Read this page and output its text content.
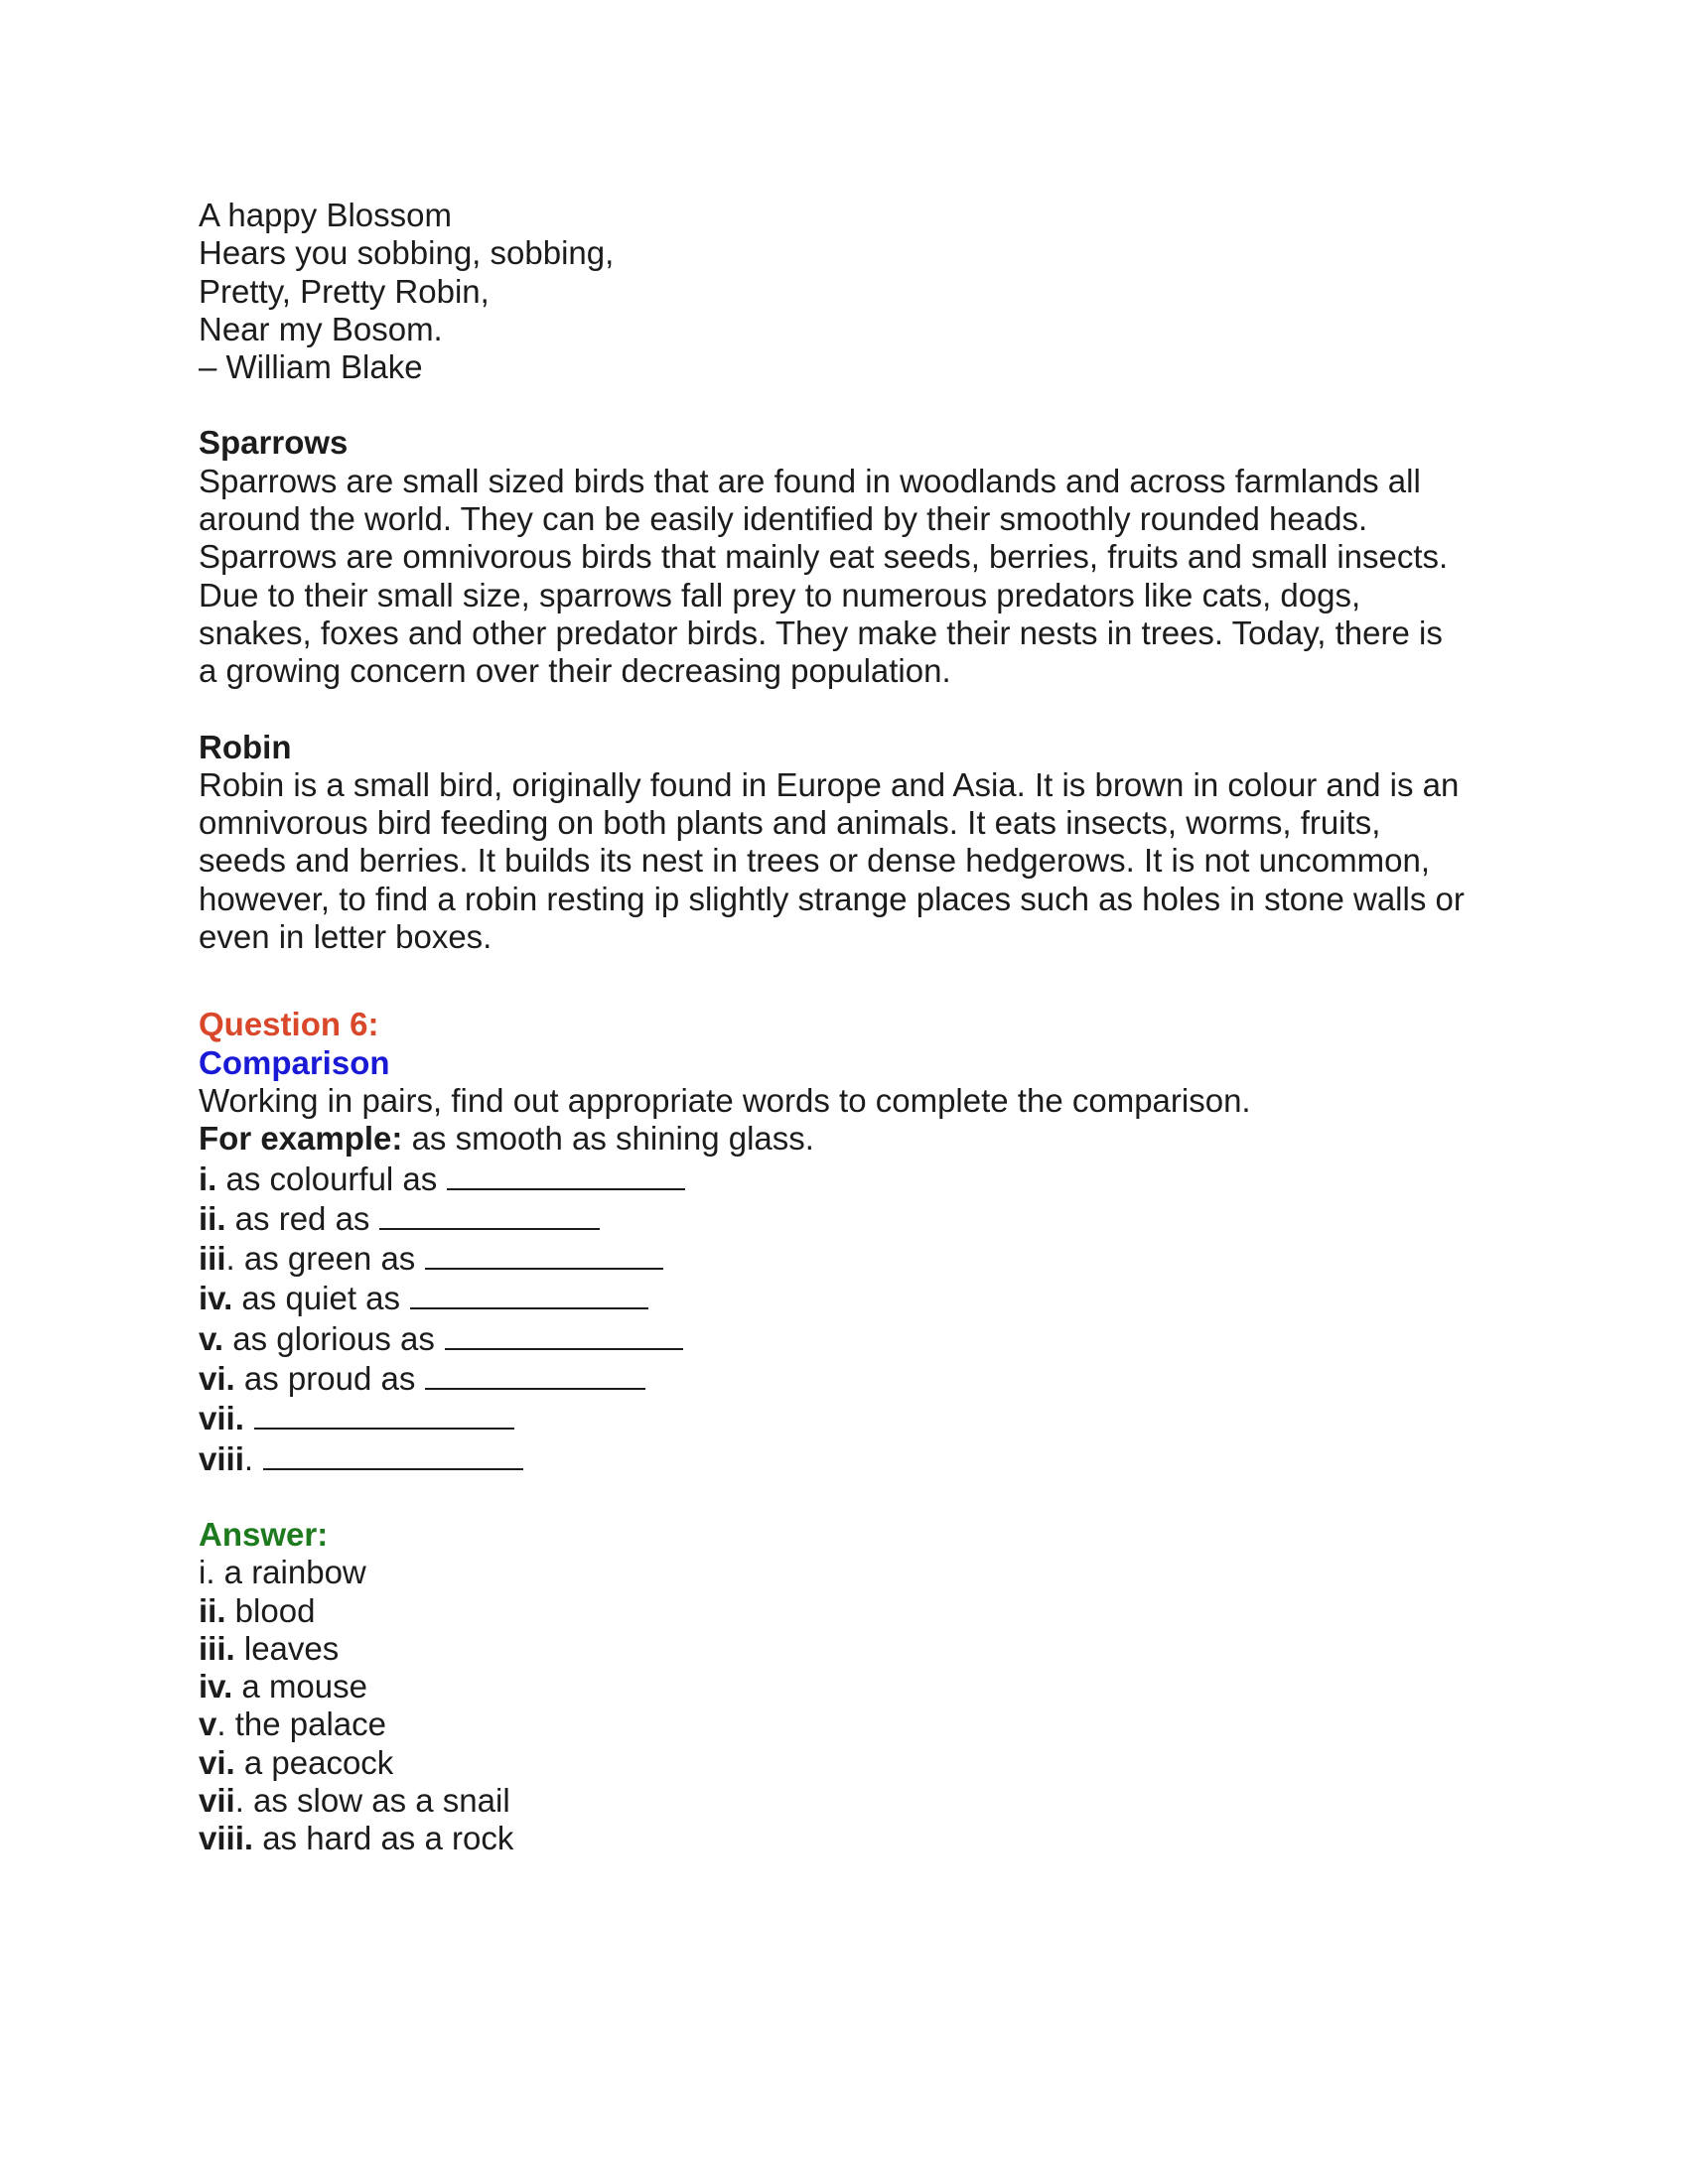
A happy Blossom
Hears you sobbing, sobbing,
Pretty, Pretty Robin,
Near my Bosom.
– William Blake
Sparrows
Sparrows are small sized birds that are found in woodlands and across farmlands all
around the world. They can be easily identified by their smoothly rounded heads.
Sparrows are omnivorous birds that mainly eat seeds, berries, fruits and small insects.
Due to their small size, sparrows fall prey to numerous predators like cats, dogs,
snakes, foxes and other predator birds. They make their nests in trees. Today, there is
a growing concern over their decreasing population.
Robin
Robin is a small bird, originally found in Europe and Asia. It is brown in colour and is an
omnivorous bird feeding on both plants and animals. It eats insects, worms, fruits,
seeds and berries. It builds its nest in trees or dense hedgerows. It is not uncommon,
however, to find a robin resting ip slightly strange places such as holes in stone walls or
even in letter boxes.
Question 6:
Comparison
Working in pairs, find out appropriate words to complete the comparison.
For example: as smooth as shining glass.
i. as colourful as
ii. as red as
iii. as green as
iv. as quiet as
v. as glorious as
vi. as proud as
vii.
viii.
Answer:
i. a rainbow
ii. blood
iii. leaves
iv. a mouse
v. the palace
vi. a peacock
vii. as slow as a snail
viii. as hard as a rock
